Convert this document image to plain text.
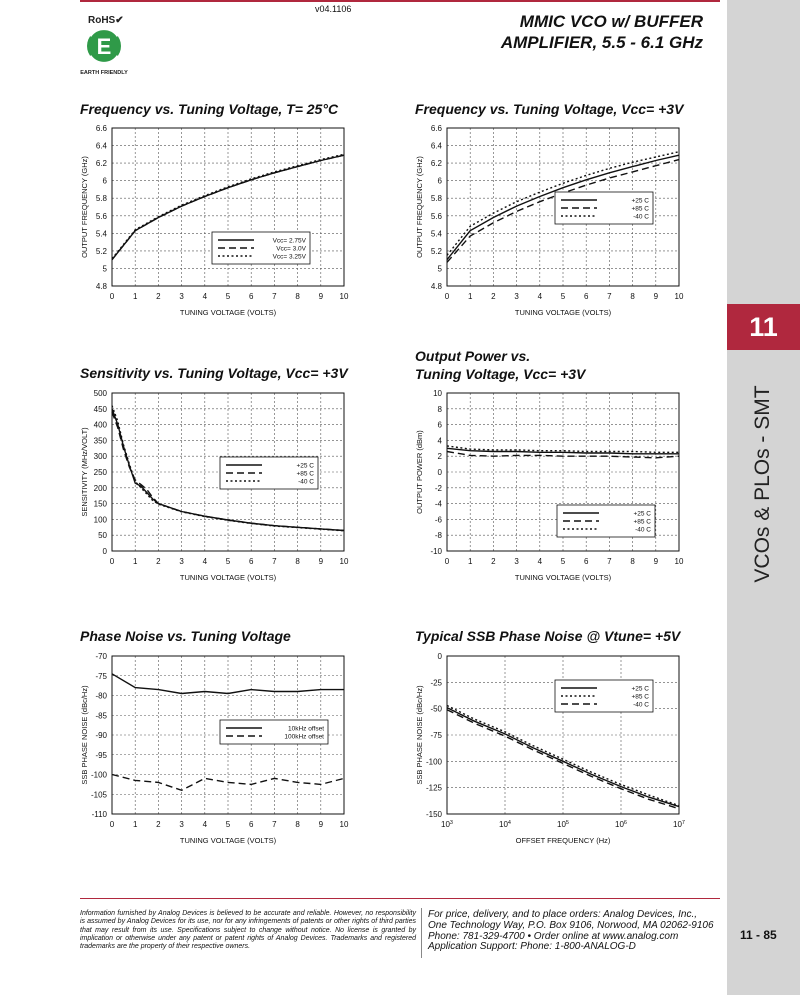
v04.1106
MMIC VCO w/ BUFFER
AMPLIFIER, 5.5 - 6.1 GHz
RoHS✔
E
EARTH FRIENDLY
11
VCOs & PLOs - SMT
11 - 85
Frequency vs. Tuning Voltage, T= 25°C	Frequency vs. Tuning Voltage, Vcc= +3V
Sensitivity vs. Tuning Voltage, Vcc= +3V
Output Power vs.
Tuning Voltage, Vcc= +3V
Phase Noise vs. Tuning Voltage	Typical SSB Phase Noise @ Vtune= +5V
0 1 2 3 4 5 6 7 8 9 10
4.8
5
5.2
5.4
5.6
5.8
6
6.2
6.4
6.6
TUNING VOLTAGE (VOLTS)
OUTPUT FREQUENCY (GHz)	Vcc= 2.75V
Vcc= 3.0V
Vcc= 3.25V
0 1 2 3 4 5 6 7 8 9 10
4.8
5
5.2
5.4
5.6
5.8
6
6.2
6.4
6.6
TUNING VOLTAGE (VOLTS)
OUTPUT FREQUENCY (GHz)	+25 C
+85 C
-40 C
0 1 2 3 4 5 6 7 8 9 10
0
50
100
150
200
250
300
350
400
450
500
TUNING VOLTAGE (VOLTS)
SENSITIVITY (MHz/VOLT)	+25 C
+85 C
-40 C
0 1 2 3 4 5 6 7 8 9 10
-10
-8
-6
-4
-2
0
2
4
6
8
10
TUNING VOLTAGE (VOLTS)
OUTPUT POWER (dBm)
+25 C
+85 C
-40 C
0 1 2 3 4 5 6 7 8 9 10
-110
-105
-100
-95
-90
-85
-80
-75
-70
TUNING VOLTAGE (VOLTS)
SSB PHASE NOISE (dBc/Hz)	10kHz offset
100kHz offset
$10^3$	$10^4$	$10^5$	$10^6$	$10^7$
-150
-125
-100
-75
-50
-25
0
OFFSET FREQUENCY (Hz)
SSB PHASE NOISE (dBc/Hz)	+25 C
+85 C
-40 C
Information furnished by Analog Devices is believed to be accurate and reliable. However, no responsibility is assumed by Analog Devices for its use, nor for any infringements of patents or other rights of third parties that may result from its use. Specifications subject to change without notice. No license is granted by implication or otherwise under any patent or patent rights of Analog Devices. Trademarks and registered trademarks are the property of their respective owners.
For price, delivery, and to place orders: Analog Devices, Inc.,
One Technology Way, P.O. Box 9106, Norwood, MA 02062-9106
Phone: 781-329-4700 • Order online at www.analog.com
Application Support: Phone: 1-800-ANALOG-D
